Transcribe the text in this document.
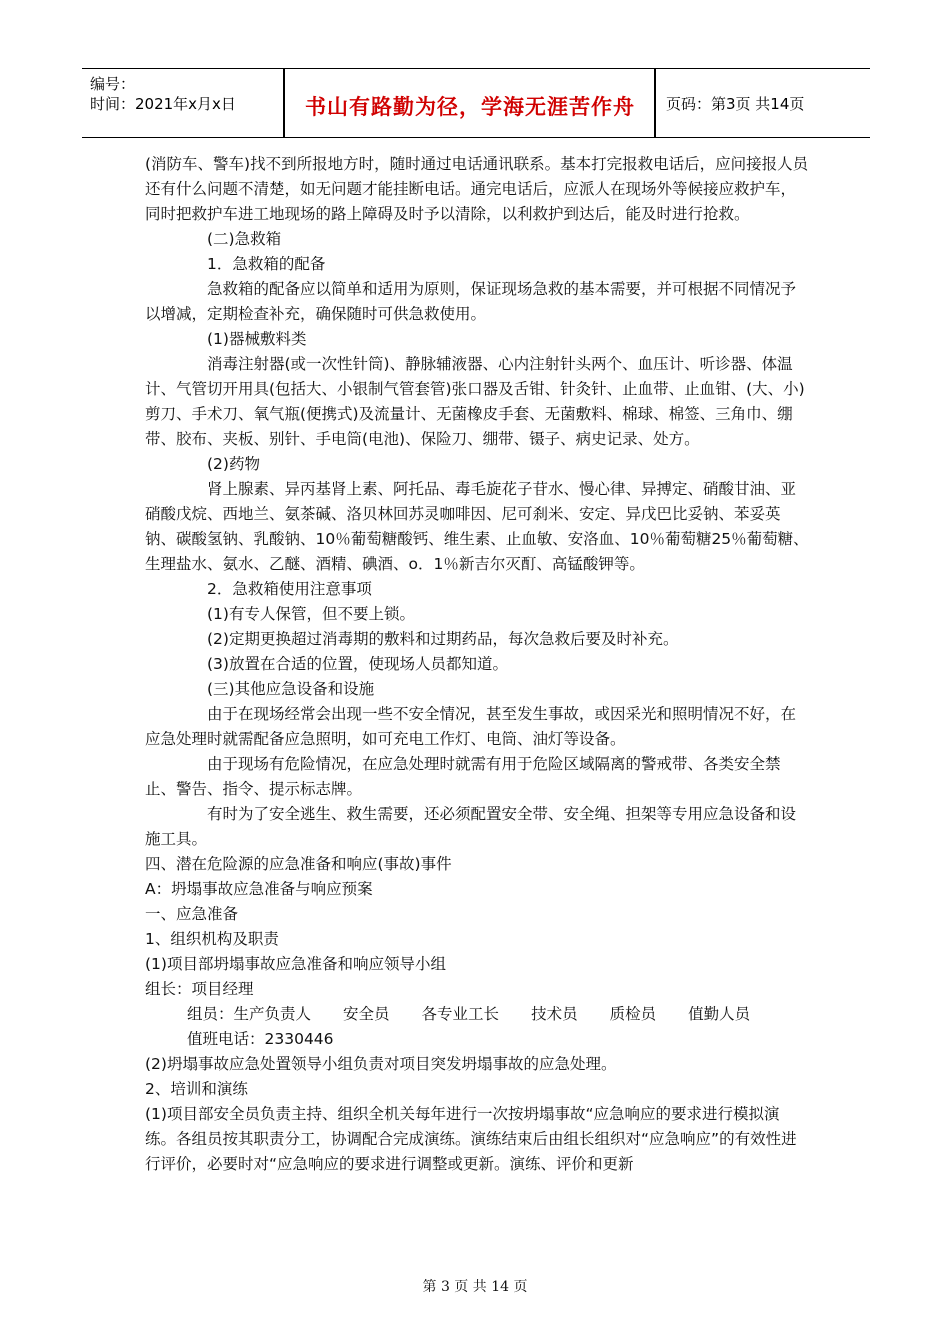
编号：
时间：2021年x月x日	书山有路勤为径，学海无涯苦作舟	页码：第3页 共14页

(消防车、警车)找不到所报地方时，随时通过电话通讯联系。基本打完报救电话后，应问接报人员还有什么问题不清楚，如无问题才能挂断电话。通完电话后，应派人在现场外等候接应救护车，同时把救护车进工地现场的路上障碍及时予以清除，以利救护到达后，能及时进行抢救。

(二)急救箱

1．急救箱的配备

急救箱的配备应以简单和适用为原则，保证现场急救的基本需要，并可根据不同情况予以增减，定期检查补充，确保随时可供急救使用。

(1)器械敷料类

消毒注射器(或一次性针筒)、静脉辅液器、心内注射针头两个、血压计、听诊器、体温计、气管切开用具(包括大、小银制气管套管)张口器及舌钳、针灸针、止血带、止血钳、(大、小)剪刀、手术刀、氧气瓶(便携式)及流量计、无菌橡皮手套、无菌敷料、棉球、棉签、三角巾、绷带、胶布、夹板、别针、手电筒(电池)、保险刀、绷带、镊子、病史记录、处方。

(2)药物

肾上腺素、异丙基肾上素、阿托品、毒毛旋花子苷水、慢心律、异搏定、硝酸甘油、亚硝酸戊烷、西地兰、氨茶碱、洛贝林回苏灵咖啡因、尼可刹米、安定、异戊巴比妥钠、苯妥英钠、碳酸氢钠、乳酸钠、10％葡萄糖酸钙、维生素、止血敏、安洛血、10％葡萄糖25％葡萄糖、生理盐水、氨水、乙醚、酒精、碘酒、o．1％新吉尔灭酊、高锰酸钾等。

2．急救箱使用注意事项

(1)有专人保管，但不要上锁。

(2)定期更换超过消毒期的敷料和过期药品，每次急救后要及时补充。

(3)放置在合适的位置，使现场人员都知道。

(三)其他应急设备和设施

由于在现场经常会出现一些不安全情况，甚至发生事故，或因采光和照明情况不好，在应急处理时就需配备应急照明，如可充电工作灯、电筒、油灯等设备。

由于现场有危险情况，在应急处理时就需有用于危险区域隔离的警戒带、各类安全禁止、警告、指令、提示标志牌。

有时为了安全逃生、救生需要，还必须配置安全带、安全绳、担架等专用应急设备和设施工具。

四、潜在危险源的应急准备和响应(事故)事件

A：坍塌事故应急准备与响应预案

一、应急准备

1、组织机构及职责

(1)项目部坍塌事故应急准备和响应领导小组

组长：项目经理

组员：生产负责人 安全员 各专业工长 技术员 质检员 值勤人员

值班电话：2330446

(2)坍塌事故应急处置领导小组负责对项目突发坍塌事故的应急处理。

2、培训和演练

(1)项目部安全员负责主持、组织全机关每年进行一次按坍塌事故“应急响应的要求进行模拟演练。各组员按其职责分工，协调配合完成演练。演练结束后由组长组织对“应急响应”的有效性进行评价，必要时对“应急响应的要求进行调整或更新。演练、评价和更新

第 3 页 共 14 页
